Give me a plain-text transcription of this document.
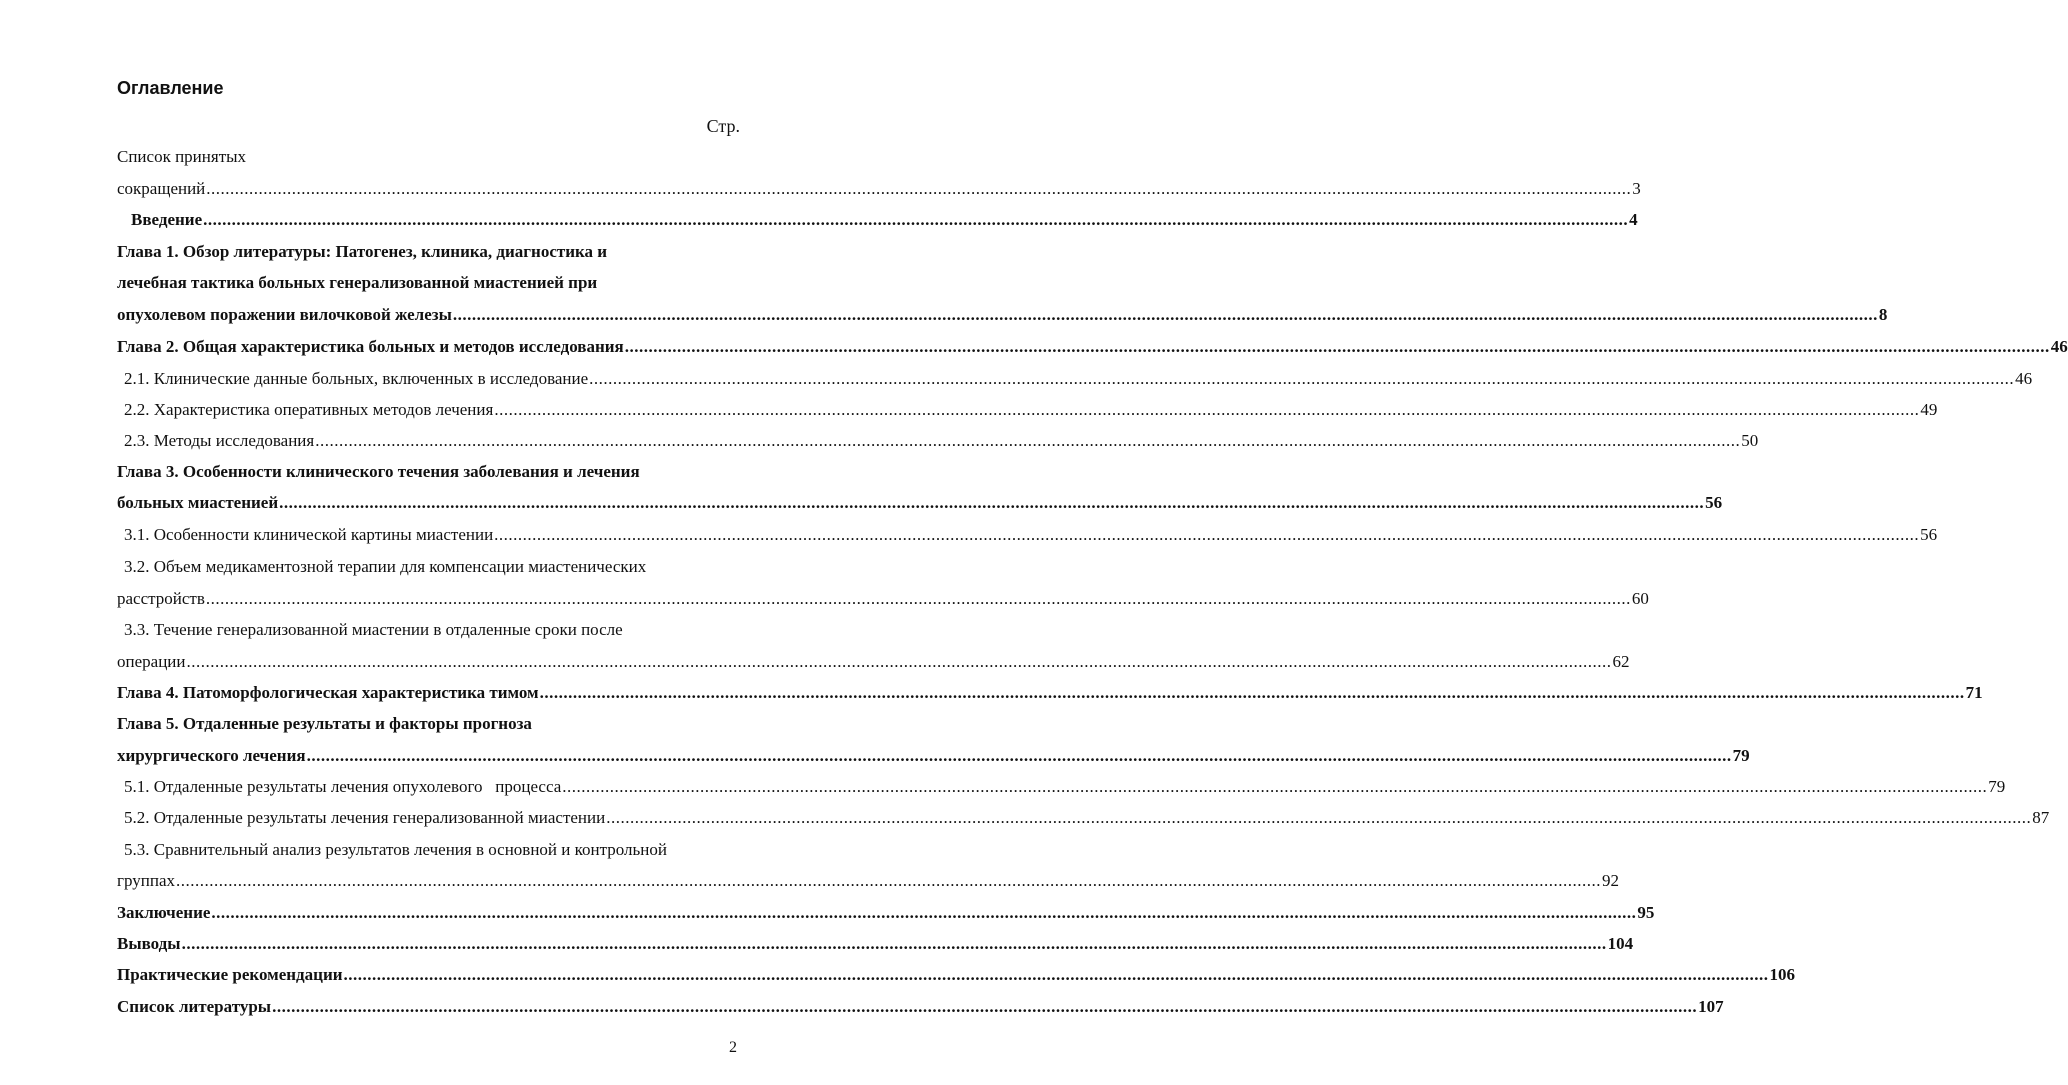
Оглавление
Стр.
Список принятых
сокращений ............................................................................................................................................................................................................................................................................................................ 3
Введение ............................................................................................................................................................................................................................................................................................................ 4
Глава 1. Обзор литературы: Патогенез, клиника, диагностика и
лечебная тактика больных генерализованной миастенией при
опухолевом поражении вилочковой железы ............................................................................................................................................................................................................................................................................................................ 8
Глава 2. Общая характеристика больных и методов исследования ............................................................................................................................................................................................................................................................................................................ 46
2.1. Клинические данные больных, включенных в исследование ............................................................................................................................................................................................................................................................................................................ 46
2.2. Характеристика оперативных методов лечения ............................................................................................................................................................................................................................................................................................................ 49
2.3. Методы исследования ............................................................................................................................................................................................................................................................................................................ 50
Глава 3. Особенности клинического течения заболевания и лечения
больных миастенией ............................................................................................................................................................................................................................................................................................................ 56
3.1. Особенности клинической картины миастении ............................................................................................................................................................................................................................................................................................................ 56
3.2. Объем медикаментозной терапии для компенсации миастенических
расстройств ............................................................................................................................................................................................................................................................................................................ 60
3.3. Течение генерализованной миастении в отдаленные сроки после
операции ............................................................................................................................................................................................................................................................................................................ 62
Глава 4. Патоморфологическая характеристика тимом ............................................................................................................................................................................................................................................................................................................ 71
Глава 5. Отдаленные результаты и факторы прогноза
хирургического лечения ............................................................................................................................................................................................................................................................................................................ 79
5.1. Отдаленные результаты лечения опухолевого   процесса ............................................................................................................................................................................................................................................................................................................ 79
5.2. Отдаленные результаты лечения генерализованной миастении ............................................................................................................................................................................................................................................................................................................ 87
5.3. Сравнительный анализ результатов лечения в основной и контрольной
группах ............................................................................................................................................................................................................................................................................................................ 92
Заключение ............................................................................................................................................................................................................................................................................................................ 95
Выводы ............................................................................................................................................................................................................................................................................................................ 104
Практические рекомендации ............................................................................................................................................................................................................................................................................................................ 106
Список литературы ............................................................................................................................................................................................................................................................................................................ 107
2
